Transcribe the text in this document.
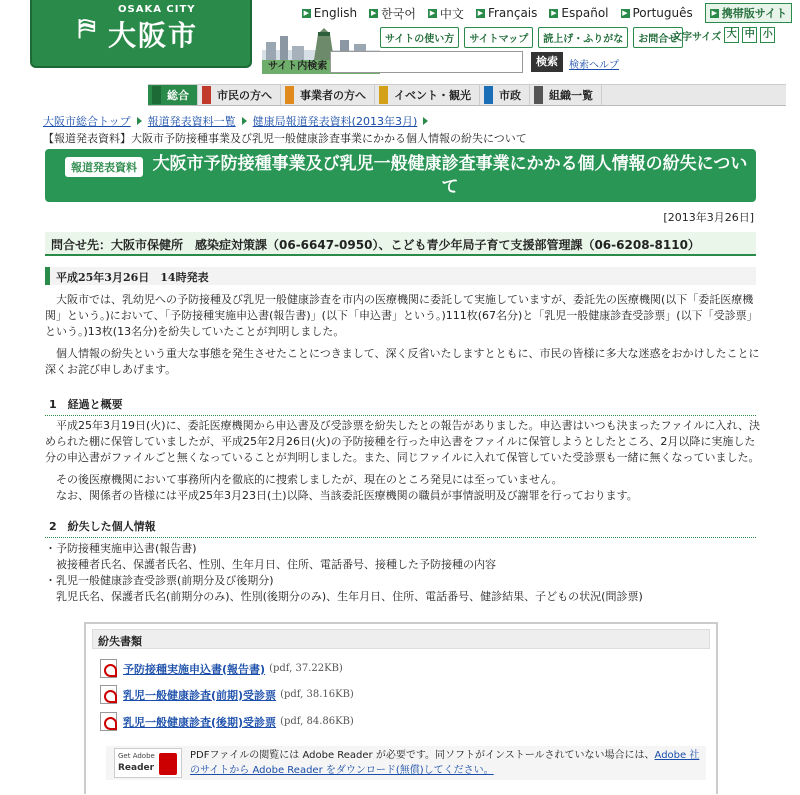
OSAKA CITY
⛿ 大阪市
▶ English ▶ 한국어 ▶ 中文 ▶ Français ▶ Español ▶ Português	▶ 携帯版サイト
サイトの使い方	サイトマップ	読上げ・ふりがな	お問合せ
文字サイズ 大 中 小
サイト内検索	検索	検索ヘルプ
総合	市民の方へ	事業者の方へ	イベント・観光	市政	組織一覧
大阪市総合トップ 報道発表資料一覧 健康局報道発表資料(2013年3月)
【報道発表資料】大阪市予防接種事業及び乳児一般健康診査事業にかかる個人情報の紛失について
報道発表資料 大阪市予防接種事業及び乳児一般健康診査事業にかかる個人情報の紛失について
[2013年3月26日]
問合せ先：大阪市保健所　感染症対策課（06-6647-0950）、こども青少年局子育て支援部管理課（06-6208-8110）
平成25年3月26日　14時発表
　大阪市では、乳幼児への予防接種及び乳児一般健康診査を市内の医療機関に委託して実施していますが、委託先の医療機関(以下「委託医療機関」という。)において、「予防接種実施申込書(報告書)」(以下「申込書」という。)111枚(67名分)と「乳児一般健康診査受診票」(以下「受診票」という。)13枚(13名分)を紛失していたことが判明しました。
　個人情報の紛失という重大な事態を発生させたことにつきまして、深く反省いたしますとともに、市民の皆様に多大な迷惑をおかけしたことに深くお詫び申しあげます。
1　経過と概要
　平成25年3月19日(火)に、委託医療機関から申込書及び受診票を紛失したとの報告がありました。申込書はいつも決まったファイルに入れ、決められた棚に保管していましたが、平成25年2月26日(火)の予防接種を行った申込書をファイルに保管しようとしたところ、2月以降に実施した分の申込書がファイルごと無くなっていることが判明しました。また、同じファイルに入れて保管していた受診票も一緒に無くなっていました。
　その後医療機関において事務所内を徹底的に捜索しましたが、現在のところ発見には至っていません。
　なお、関係者の皆様には平成25年3月23日(土)以降、当該委託医療機関の職員が事情説明及び謝罪を行っております。
2　紛失した個人情報
・予防接種実施申込書(報告書)
　被接種者氏名、保護者氏名、性別、生年月日、住所、電話番号、接種した予防接種の内容
・乳児一般健康診査受診票(前期分及び後期分)
　乳児氏名、保護者氏名(前期分のみ)、性別(後期分のみ)、生年月日、住所、電話番号、健診結果、子どもの状況(問診票)
紛失書類
予防接種実施申込書(報告書) (pdf, 37.22KB)
乳児一般健康診査(前期)受診票 (pdf, 38.16KB)
乳児一般健康診査(後期)受診票 (pdf, 84.86KB)
Get Adobe
Reader
PDFファイルの閲覧には Adobe Reader が必要です。同ソフトがインストールされていない場合には、Adobe 社のサイトから Adobe Reader をダウンロード(無償)してください。
